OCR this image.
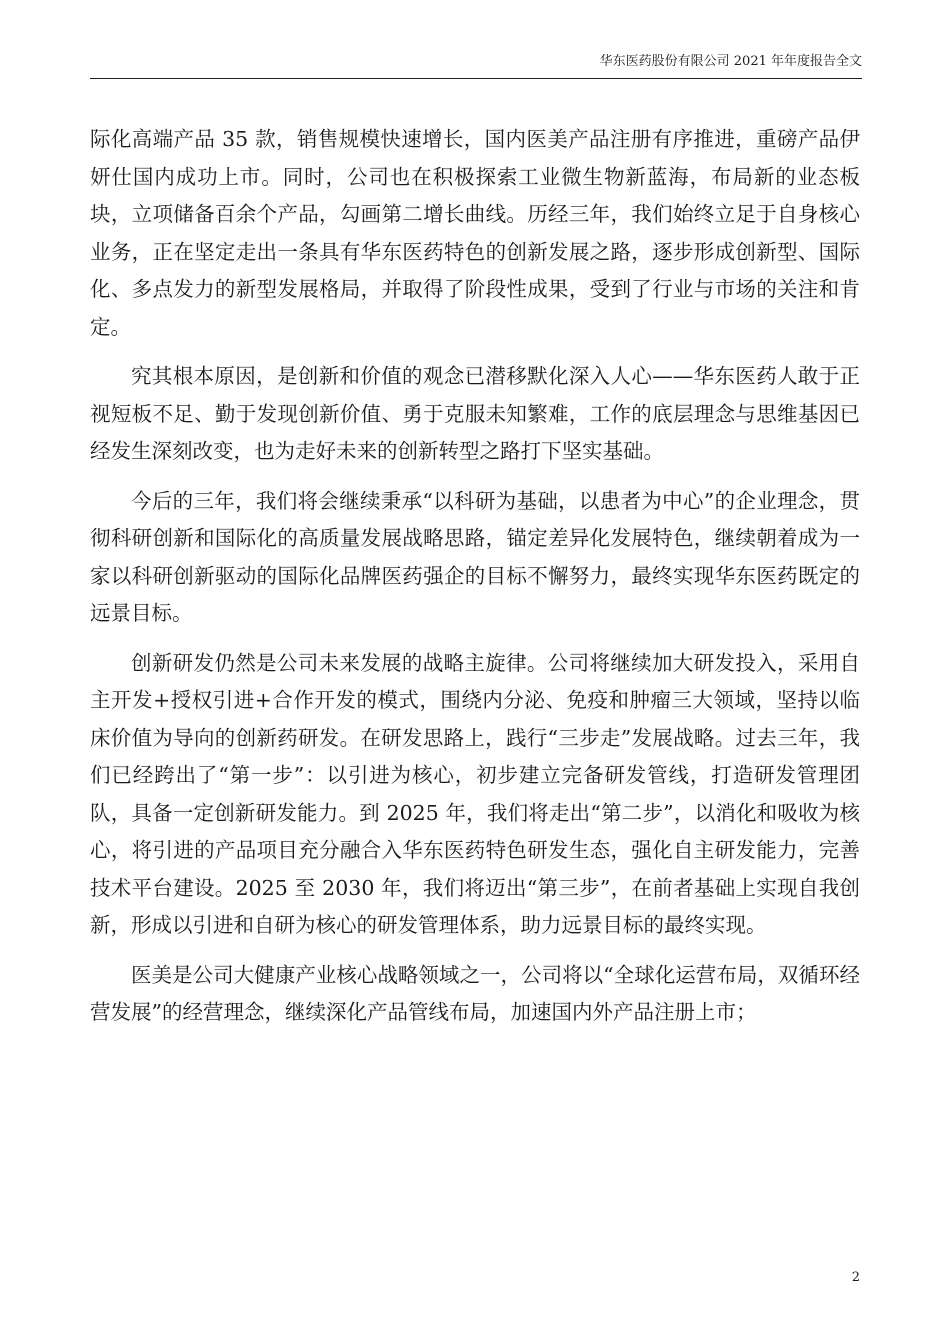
华东医药股份有限公司 2021 年年度报告全文

际化高端产品 35 款，销售规模快速增长，国内医美产品注册有序推进，重磅产品伊妍仕国内成功上市。同时，公司也在积极探索工业微生物新蓝海，布局新的业态板块，立项储备百余个产品，勾画第二增长曲线。历经三年，我们始终立足于自身核心业务，正在坚定走出一条具有华东医药特色的创新发展之路，逐步形成创新型、国际化、多点发力的新型发展格局，并取得了阶段性成果，受到了行业与市场的关注和肯定。

究其根本原因，是创新和价值的观念已潜移默化深入人心——华东医药人敢于正视短板不足、勤于发现创新价值、勇于克服未知繁难，工作的底层理念与思维基因已经发生深刻改变，也为走好未来的创新转型之路打下坚实基础。

今后的三年，我们将会继续秉承“以科研为基础，以患者为中心”的企业理念，贯彻科研创新和国际化的高质量发展战略思路，锚定差异化发展特色，继续朝着成为一家以科研创新驱动的国际化品牌医药强企的目标不懈努力，最终实现华东医药既定的远景目标。

创新研发仍然是公司未来发展的战略主旋律。公司将继续加大研发投入，采用自主开发+授权引进+合作开发的模式，围绕内分泌、免疫和肿瘤三大领域，坚持以临床价值为导向的创新药研发。在研发思路上，践行“三步走”发展战略。过去三年，我们已经跨出了“第一步”：以引进为核心，初步建立完备研发管线，打造研发管理团队，具备一定创新研发能力。到 2025 年，我们将走出“第二步”，以消化和吸收为核心，将引进的产品项目充分融合入华东医药特色研发生态，强化自主研发能力，完善技术平台建设。2025 至 2030 年，我们将迈出“第三步”，在前者基础上实现自我创新，形成以引进和自研为核心的研发管理体系，助力远景目标的最终实现。

医美是公司大健康产业核心战略领域之一，公司将以“全球化运营布局，双循环经营发展”的经营理念，继续深化产品管线布局，加速国内外产品注册上市；

2
